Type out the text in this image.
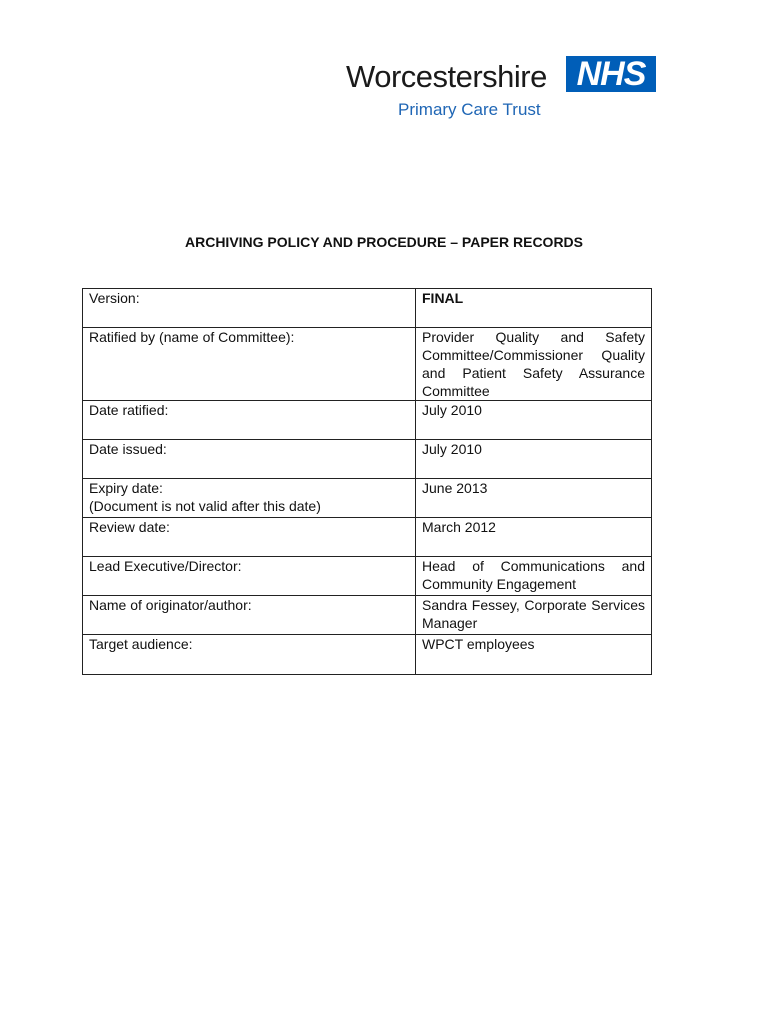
Worcestershire NHS
Primary Care Trust
ARCHIVING POLICY AND PROCEDURE – PAPER RECORDS
Version:	FINAL

Ratified by (name of Committee):	Provider Quality and Safety Committee/Commissioner Quality and Patient Safety Assurance Committee

Date ratified:	July 2010

Date issued:	July 2010

Expiry date:
(Document is not valid after this date)	June 2013

Review date:	March 2012

Lead Executive/Director:	Head of Communications and Community Engagement

Name of originator/author:	Sandra Fessey, Corporate Services Manager

Target audience:	WPCT employees
